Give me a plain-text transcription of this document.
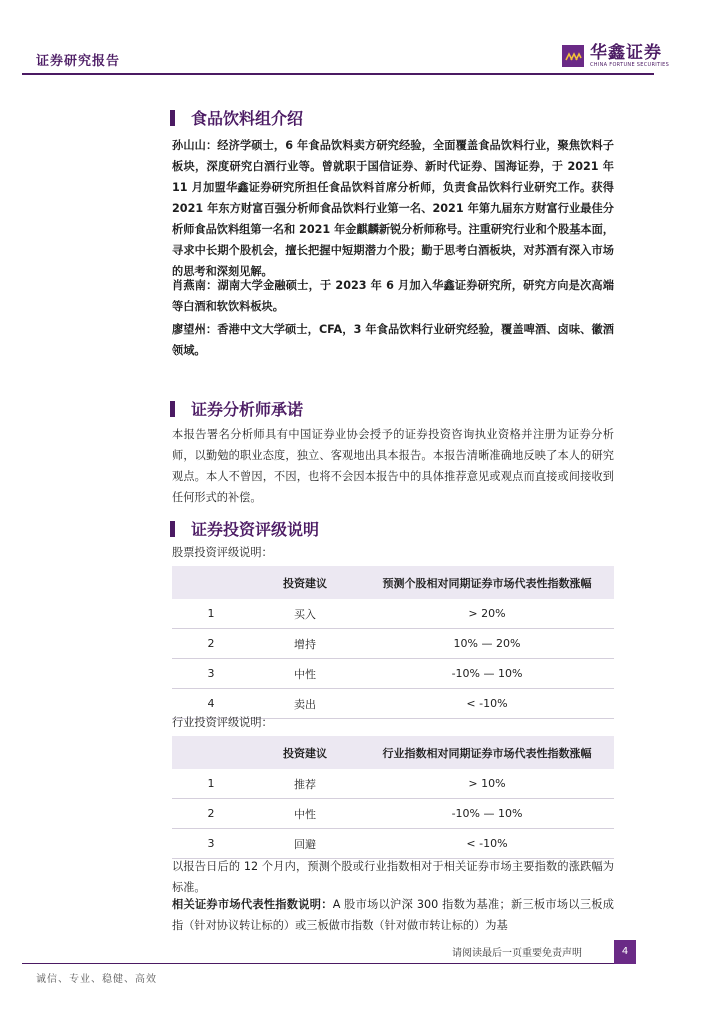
证券研究报告	华鑫证券
CHINA FORTUNE SECURITIES
食品饮料组介绍
孙山山：经济学硕士，6 年食品饮料卖方研究经验，全面覆盖食品饮料行业，聚焦饮料子板块，深度研究白酒行业等。曾就职于国信证券、新时代证券、国海证券，于 2021 年 11 月加盟华鑫证券研究所担任食品饮料首席分析师，负责食品饮料行业研究工作。获得 2021 年东方财富百强分析师食品饮料行业第一名、2021 年第九届东方财富行业最佳分析师食品饮料组第一名和 2021 年金麒麟新锐分析师称号。注重研究行业和个股基本面，寻求中长期个股机会，擅长把握中短期潜力个股；勤于思考白酒板块，对苏酒有深入市场的思考和深刻见解。
肖燕南：湖南大学金融硕士，于 2023 年 6 月加入华鑫证券研究所，研究方向是次高端等白酒和软饮料板块。
廖望州：香港中文大学硕士，CFA，3 年食品饮料行业研究经验，覆盖啤酒、卤味、徽酒领域。
证券分析师承诺
本报告署名分析师具有中国证券业协会授予的证券投资咨询执业资格并注册为证券分析师，以勤勉的职业态度，独立、客观地出具本报告。本报告清晰准确地反映了本人的研究观点。本人不曾因，不因，也将不会因本报告中的具体推荐意见或观点而直接或间接收到任何形式的补偿。
证券投资评级说明
股票投资评级说明：
	投资建议	预测个股相对同期证券市场代表性指数涨幅
1	买入	> 20%
2	增持	10% — 20%
3	中性	-10% — 10%
4	卖出	< -10%
行业投资评级说明：
	投资建议	行业指数相对同期证券市场代表性指数涨幅
1	推荐	> 10%
2	中性	-10% — 10%
3	回避	< -10%
以报告日后的 12 个月内，预测个股或行业指数相对于相关证券市场主要指数的涨跌幅为标准。
相关证券市场代表性指数说明：A 股市场以沪深 300 指数为基准；新三板市场以三板成指（针对协议转让标的）或三板做市指数（针对做市转让标的）为基
请阅读最后一页重要免责声明	4
诚信、专业、稳健、高效
